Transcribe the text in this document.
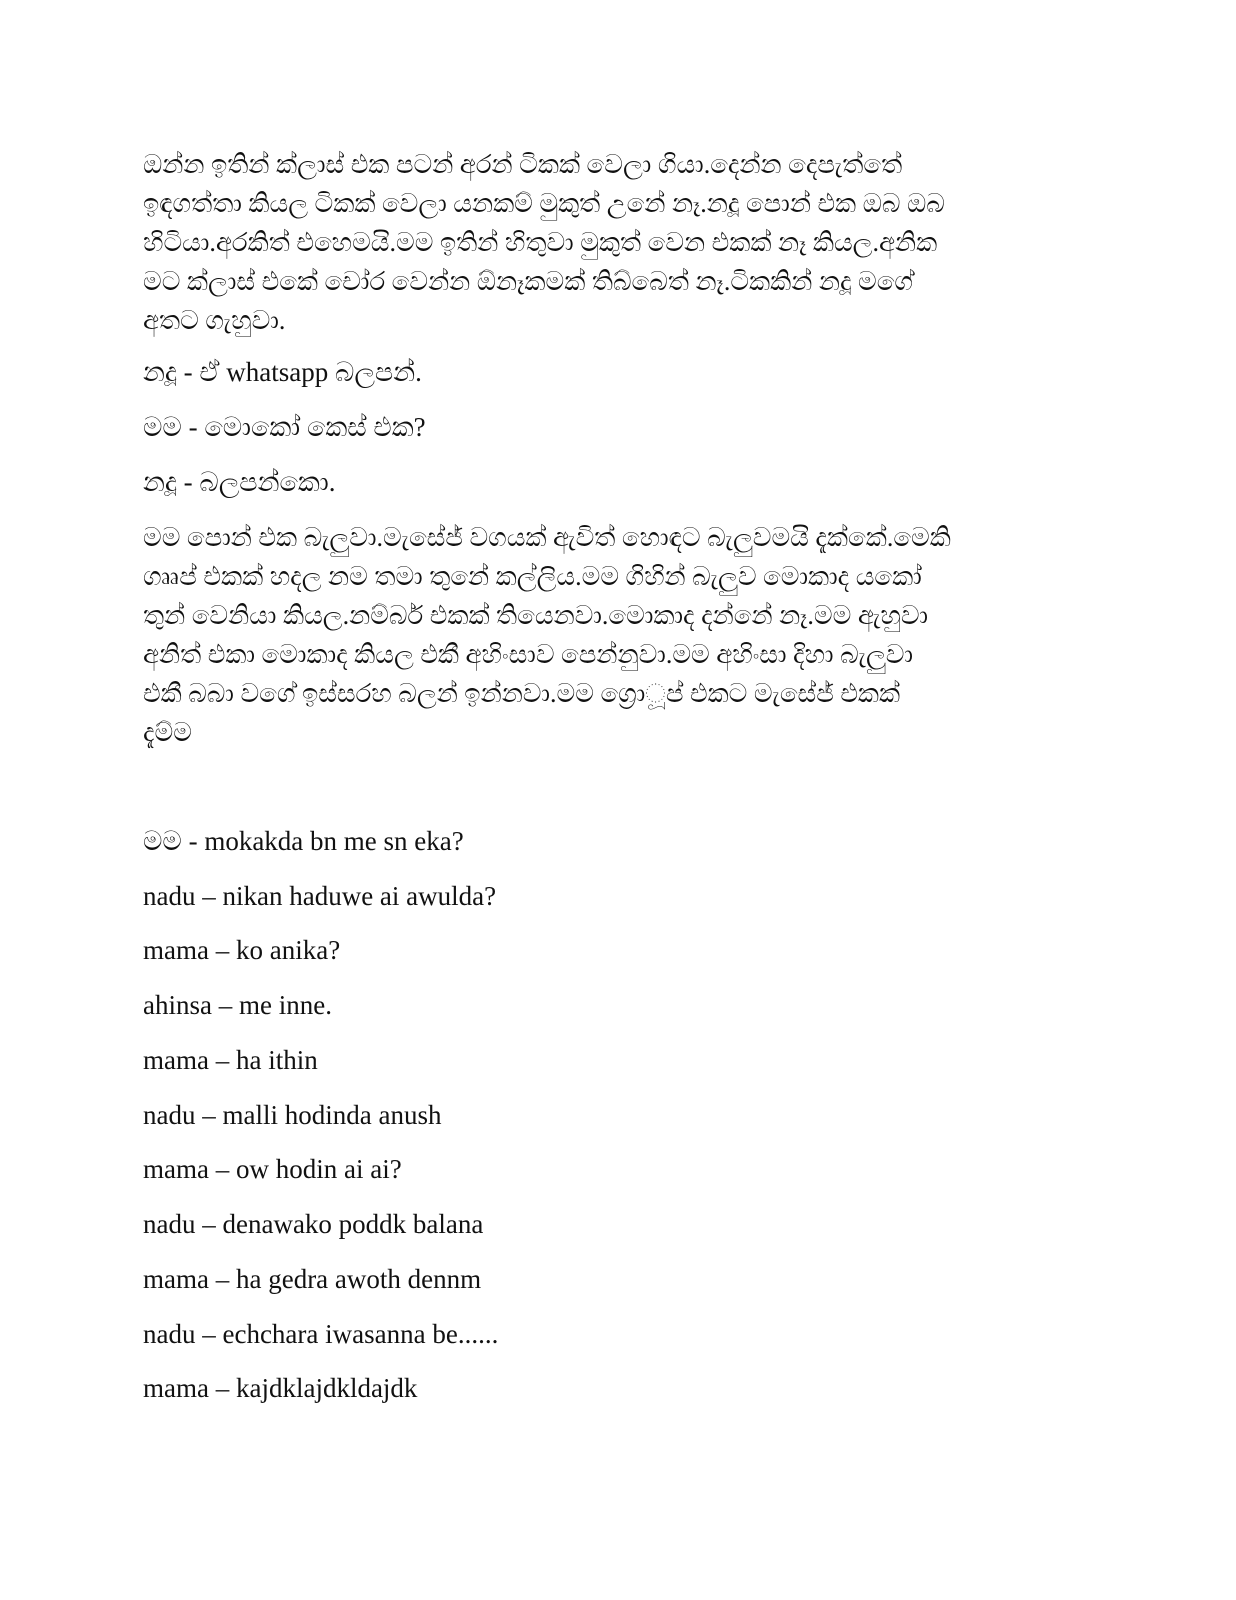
ඔන්න ඉතින් ක්ලාස් එක පටන් අරන් ටිකක් වෙලා ගියා.දෙන්න දෙපැත්තේ
ඉඳගත්තා කියල ටිකක් වෙලා යනකම් මුකුත් උනේ නෑ.නදූ පොන් එක ඔබ ඔබ
හිටියා.අරකිත් එහෙමයි.මම ඉතින් හිතුවා මුකුත් වෙන එකක් නෑ කියල.අනික
මට ක්ලාස් එකේ චෝර වෙන්න ඕනෑකමක් තිබ්බෙත් නෑ.ටිකකින් නදූ මගේ
අතට ගැහුවා.

නදූ - ඒ whatsapp බලපන්.

මම - මොකෝ කෙස් එක?

නදූ - බලපන්කො.

මම පොන් එක බැලුවා.මැසේජ් වගයක් ඇවිත් හොඳට බැලුවමයි දැක්කේ.මෙකි
ගෲප් එකක් හදල නම තමා තුනේ කල්ලිය.මම ගිහින් බැලුව මොකාද යකෝ
තුන් වෙනියා කියල.නම්බර් එකක් තියෙනවා.මොකාද දන්නේ නෑ.මම ඇහුවා
අනිත් එකා මොකාද කියල එකී අහිංසාව පෙන්නුවා.මම අහිංසා දිහා බැලුවා
එකී බබා වගේ ඉස්සරහ බලන් ඉන්නවා.මම ග්‍රොූප් එකට මැසේජ් එකක්
දැම්ම

මම - mokakda bn me sn eka?

nadu – nikan haduwe ai awulda?

mama – ko anika?

ahinsa – me inne.

mama – ha ithin

nadu – malli hodinda anush

mama – ow hodin ai ai?

nadu – denawako poddk balana

mama – ha gedra awoth dennm

nadu – echchara iwasanna be......

mama – kajdklajdkldajdk
